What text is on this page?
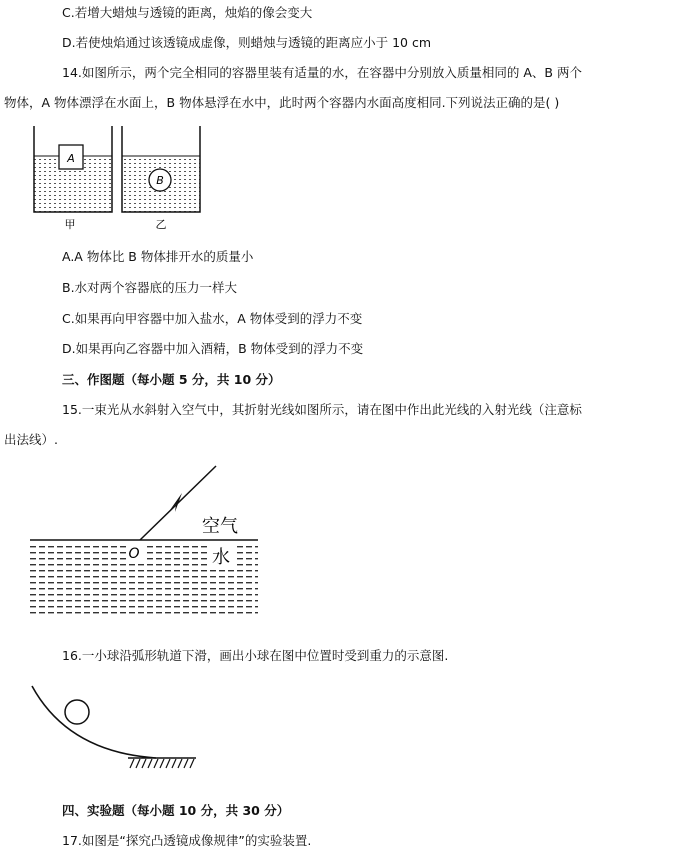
C.若增大蜡烛与透镜的距离，烛焰的像会变大
D.若使烛焰通过该透镜成虚像，则蜡烛与透镜的距离应小于 10 cm
14.如图所示，两个完全相同的容器里装有适量的水，在容器中分别放入质量相同的 A、B 两个
物体，A 物体漂浮在水面上，B 物体悬浮在水中，此时两个容器内水面高度相同.下列说法正确的是( )
A
甲
B
乙
A.A 物体比 B 物体排开水的质量小
B.水对两个容器底的压力一样大
C.如果再向甲容器中加入盐水，A 物体受到的浮力不变
D.如果再向乙容器中加入酒精，B 物体受到的浮力不变
三、作图题（每小题 5 分，共 10 分）
15.一束光从水斜射入空气中，其折射光线如图所示，请在图中作出此光线的入射光线（注意标
出法线）.
O
空气
水
16.一小球沿弧形轨道下滑，画出小球在图中位置时受到重力的示意图.
四、实验题（每小题 10 分，共 30 分）
17.如图是“探究凸透镜成像规律”的实验装置.
